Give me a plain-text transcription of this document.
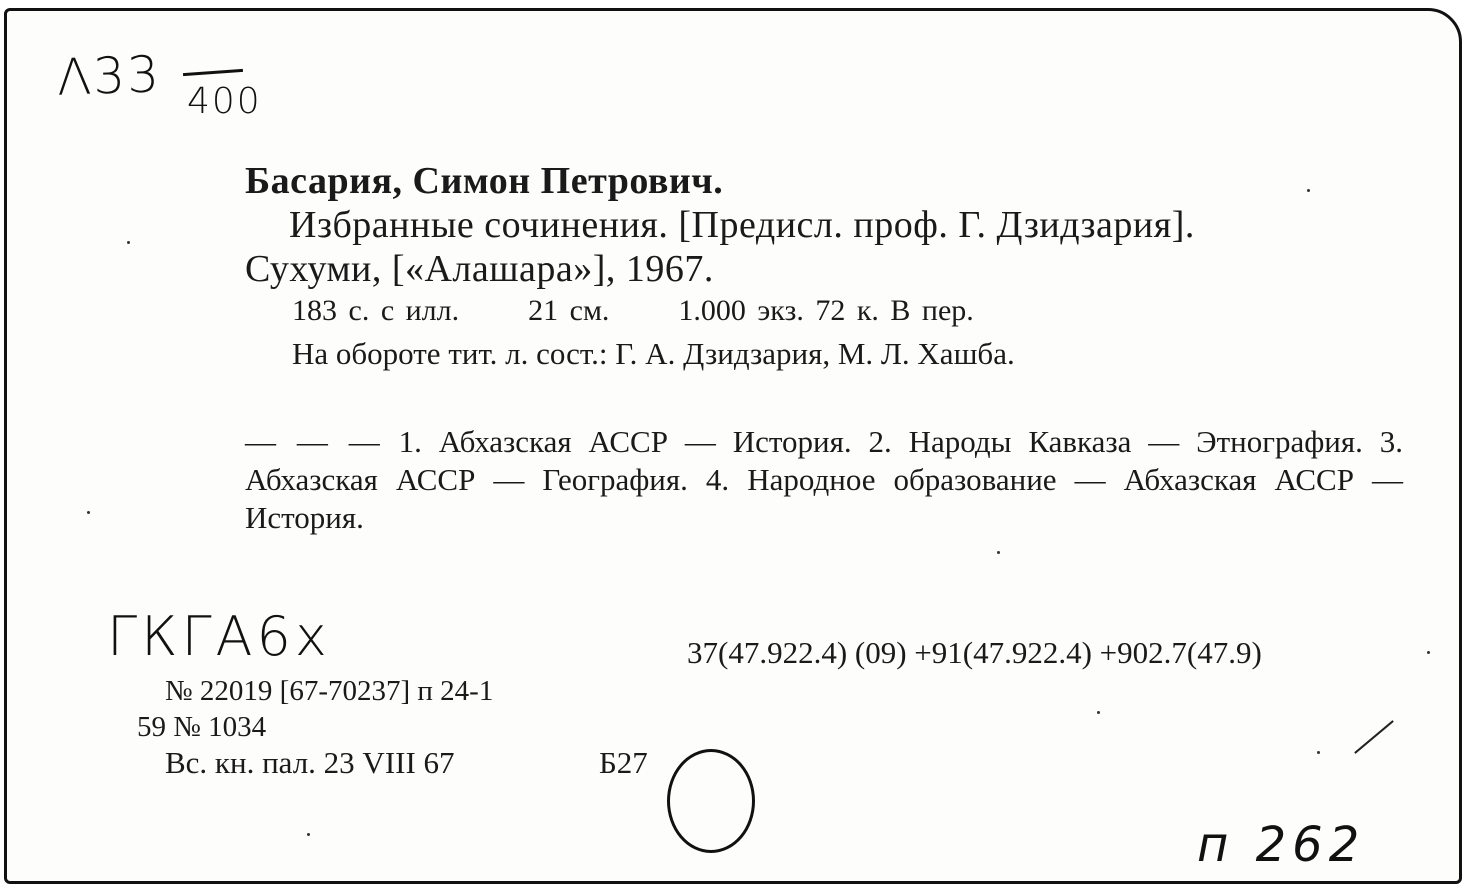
Λ33 400
Басария, Симон Петрович.
Избранные сочинения. [Предисл. проф. Г. Дзидзария].
Сухуми, [«Алашара»], 1967.
183 с. с илл.      21 см.      1.000 экз. 72 к. В пер.
На обороте тит. л. сост.: Г. А. Дзидзария, М. Л. Хашба.
— — — 1. Абхазская АССР — История. 2. Народы Кавказа — Этнография. 3. Абхазская АССР — География. 4. Народное образование — Абхазская АССР — История.
ГКГА6х	37(47.922.4) (09) +91(47.922.4) +902.7(47.9)
№ 22019 [67-70237] п 24-1
59 № 1034
Вс. кн. пал. 23 VIII 67	Б27
п 262
